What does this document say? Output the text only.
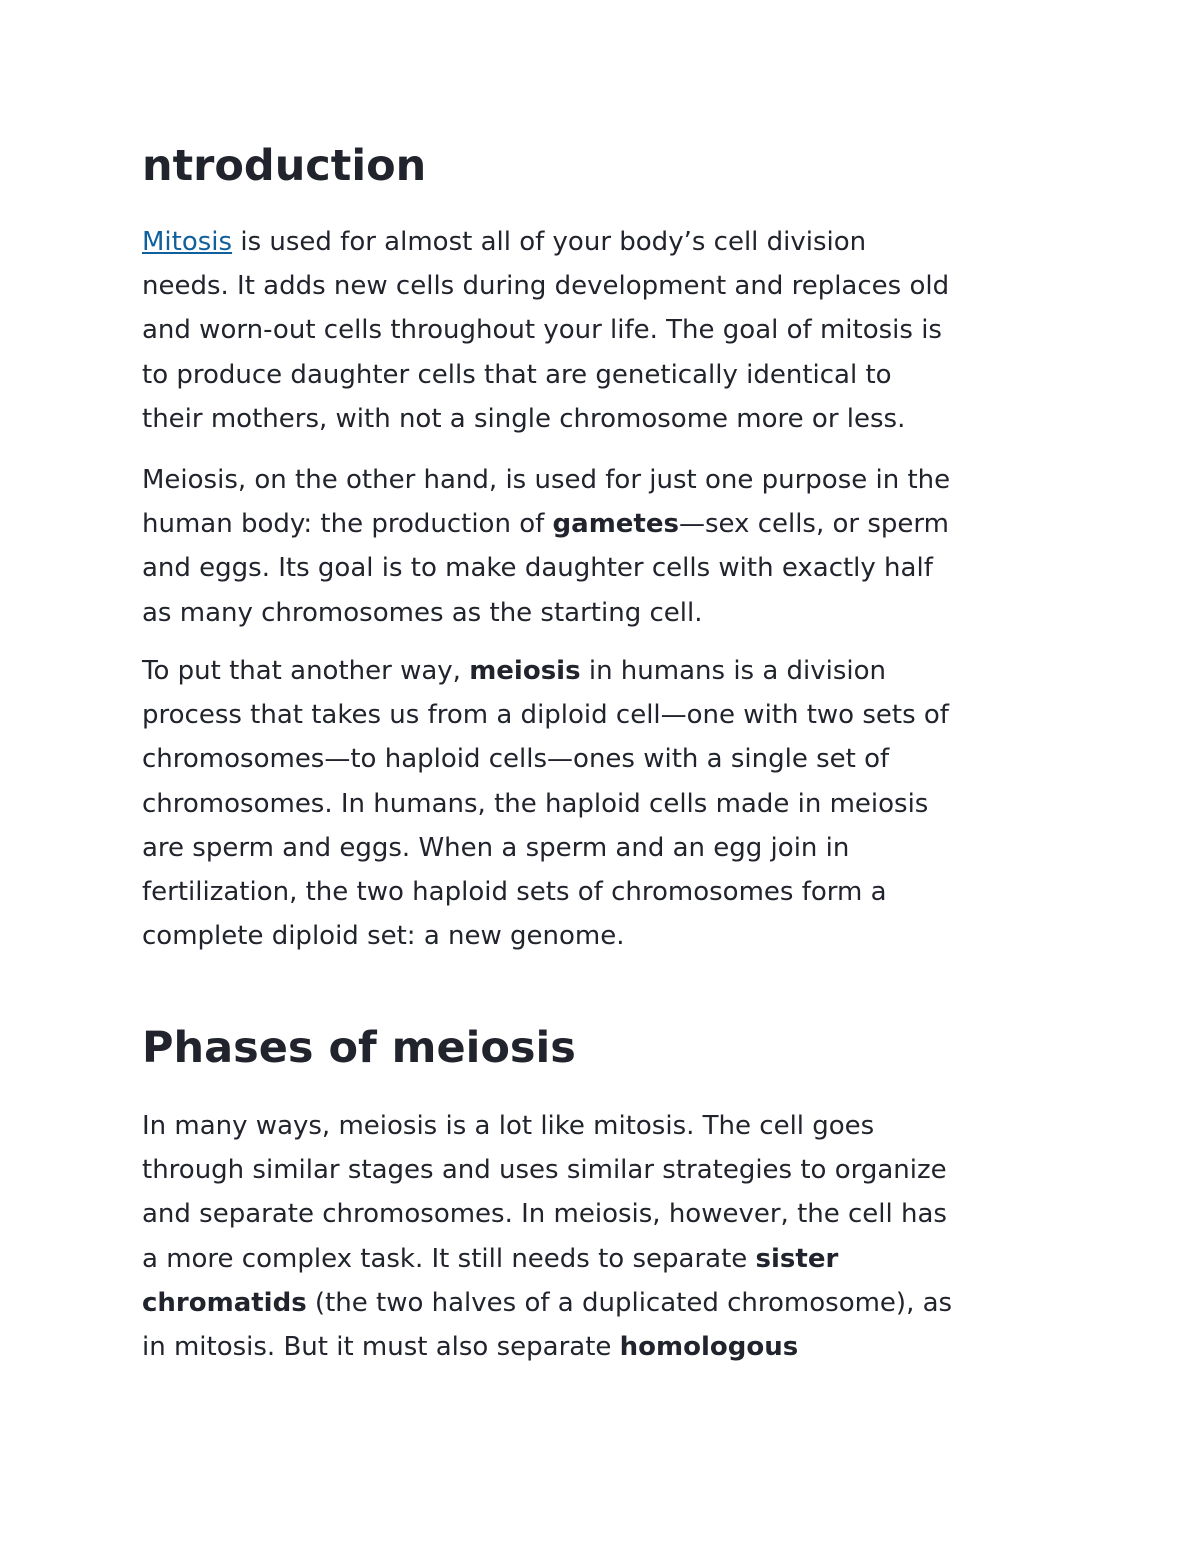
ntroduction

Mitosis is used for almost all of your body’s cell division
needs. It adds new cells during development and replaces old
and worn-out cells throughout your life. The goal of mitosis is
to produce daughter cells that are genetically identical to
their mothers, with not a single chromosome more or less.

Meiosis, on the other hand, is used for just one purpose in the
human body: the production of gametes—sex cells, or sperm
and eggs. Its goal is to make daughter cells with exactly half
as many chromosomes as the starting cell.

To put that another way, meiosis in humans is a division
process that takes us from a diploid cell—one with two sets of
chromosomes—to haploid cells—ones with a single set of
chromosomes. In humans, the haploid cells made in meiosis
are sperm and eggs. When a sperm and an egg join in
fertilization, the two haploid sets of chromosomes form a
complete diploid set: a new genome.

Phases of meiosis

In many ways, meiosis is a lot like mitosis. The cell goes
through similar stages and uses similar strategies to organize
and separate chromosomes. In meiosis, however, the cell has
a more complex task. It still needs to separate sister
chromatids (the two halves of a duplicated chromosome), as
in mitosis. But it must also separate homologous
